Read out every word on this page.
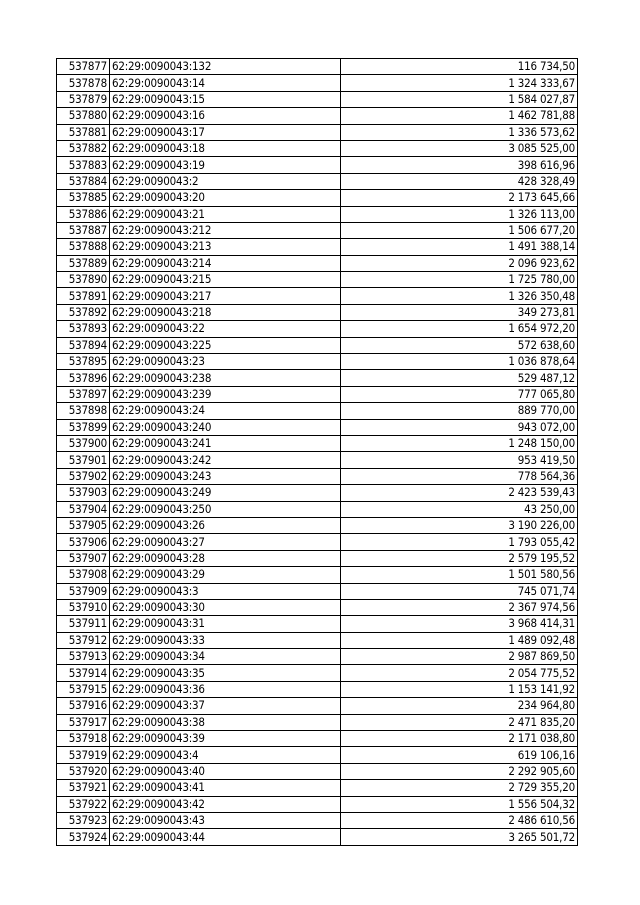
537877	62:29:0090043:132	116 734,50
537878	62:29:0090043:14	1 324 333,67
537879	62:29:0090043:15	1 584 027,87
537880	62:29:0090043:16	1 462 781,88
537881	62:29:0090043:17	1 336 573,62
537882	62:29:0090043:18	3 085 525,00
537883	62:29:0090043:19	398 616,96
537884	62:29:0090043:2	428 328,49
537885	62:29:0090043:20	2 173 645,66
537886	62:29:0090043:21	1 326 113,00
537887	62:29:0090043:212	1 506 677,20
537888	62:29:0090043:213	1 491 388,14
537889	62:29:0090043:214	2 096 923,62
537890	62:29:0090043:215	1 725 780,00
537891	62:29:0090043:217	1 326 350,48
537892	62:29:0090043:218	349 273,81
537893	62:29:0090043:22	1 654 972,20
537894	62:29:0090043:225	572 638,60
537895	62:29:0090043:23	1 036 878,64
537896	62:29:0090043:238	529 487,12
537897	62:29:0090043:239	777 065,80
537898	62:29:0090043:24	889 770,00
537899	62:29:0090043:240	943 072,00
537900	62:29:0090043:241	1 248 150,00
537901	62:29:0090043:242	953 419,50
537902	62:29:0090043:243	778 564,36
537903	62:29:0090043:249	2 423 539,43
537904	62:29:0090043:250	43 250,00
537905	62:29:0090043:26	3 190 226,00
537906	62:29:0090043:27	1 793 055,42
537907	62:29:0090043:28	2 579 195,52
537908	62:29:0090043:29	1 501 580,56
537909	62:29:0090043:3	745 071,74
537910	62:29:0090043:30	2 367 974,56
537911	62:29:0090043:31	3 968 414,31
537912	62:29:0090043:33	1 489 092,48
537913	62:29:0090043:34	2 987 869,50
537914	62:29:0090043:35	2 054 775,52
537915	62:29:0090043:36	1 153 141,92
537916	62:29:0090043:37	234 964,80
537917	62:29:0090043:38	2 471 835,20
537918	62:29:0090043:39	2 171 038,80
537919	62:29:0090043:4	619 106,16
537920	62:29:0090043:40	2 292 905,60
537921	62:29:0090043:41	2 729 355,20
537922	62:29:0090043:42	1 556 504,32
537923	62:29:0090043:43	2 486 610,56
537924	62:29:0090043:44	3 265 501,72
